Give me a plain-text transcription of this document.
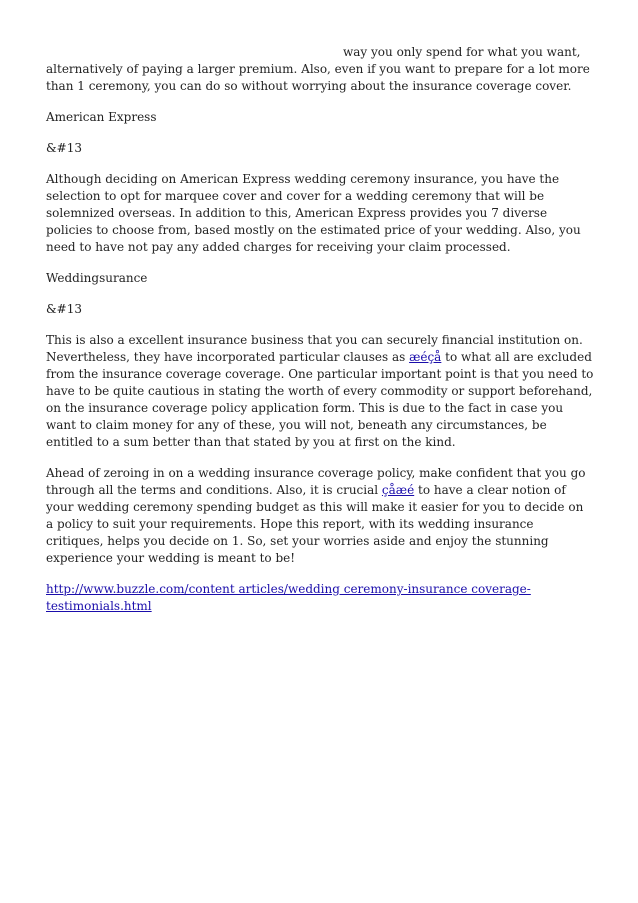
way you only spend for what you want, alternatively of paying a larger premium. Also, even if you want to prepare for a lot more than 1 ceremony, you can do so without worrying about the insurance coverage cover.

American Express

&#13

Although deciding on American Express wedding ceremony insurance, you have the selection to opt for marquee cover and cover for a wedding ceremony that will be solemnized overseas. In addition to this, American Express provides you 7 diverse policies to choose from, based mostly on the estimated price of your wedding. Also, you need to have not pay any added charges for receiving your claim processed.

Weddingsurance

&#13

This is also a excellent insurance business that you can securely financial institution on. Nevertheless, they have incorporated particular clauses as æéçå to what all are excluded from the insurance coverage coverage. One particular important point is that you need to have to be quite cautious in stating the worth of every commodity or support beforehand, on the insurance coverage policy application form. This is due to the fact in case you want to claim money for any of these, you will not, beneath any circumstances, be entitled to a sum better than that stated by you at first on the kind.

Ahead of zeroing in on a wedding insurance coverage policy, make confident that you go through all the terms and conditions. Also, it is crucial çåæé to have a clear notion of your wedding ceremony spending budget as this will make it easier for you to decide on a policy to suit your requirements. Hope this report, with its wedding insurance critiques, helps you decide on 1. So, set your worries aside and enjoy the stunning experience your wedding is meant to be!

http://www.buzzle.com/content articles/wedding ceremony-insurance coverage-testimonials.html
